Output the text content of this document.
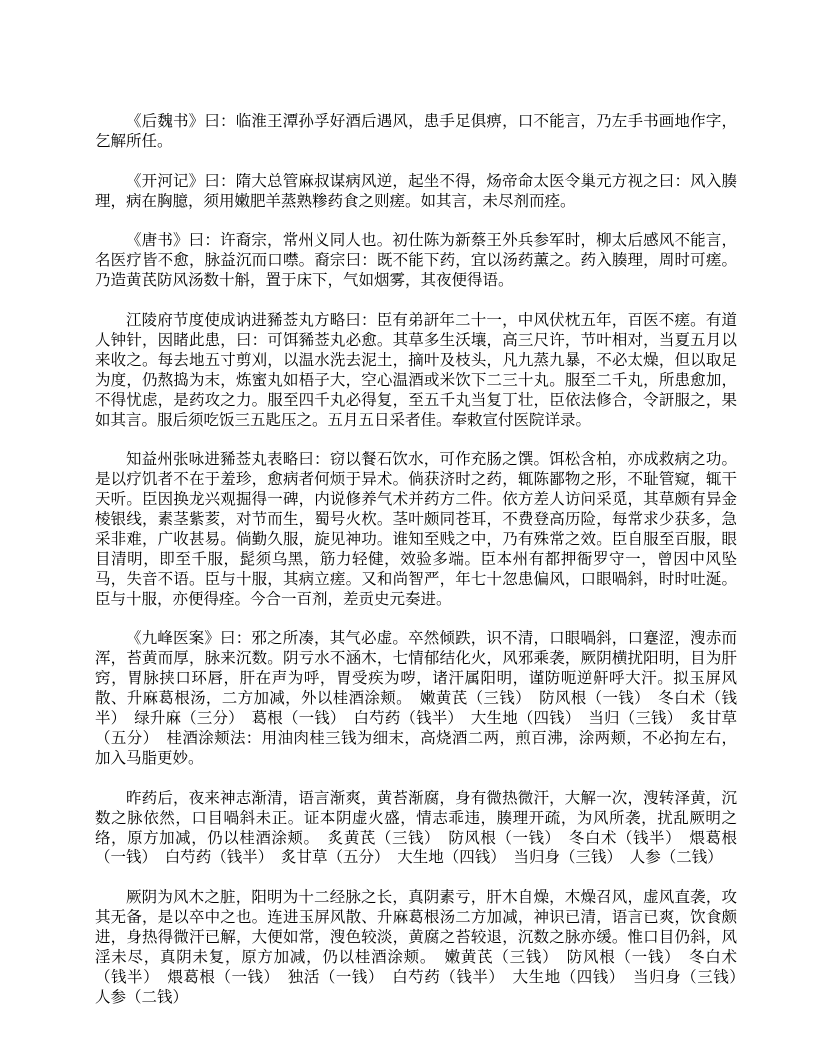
《后魏书》曰：临淮王潭孙孚好酒后遇风，患手足俱痹，口不能言，乃左手书画地作字，乞解所任。

《开河记》曰：隋大总管麻叔谋病风逆，起坐不得，炀帝命太医令巢元方视之曰：风入腠理，病在胸臆，须用嫩肥羊蒸熟糁药食之则瘥。如其言，未尽剂而痊。

《唐书》曰：许裔宗，常州义同人也。初仕陈为新蔡王外兵参军时，柳太后感风不能言，名医疗皆不愈，脉益沉而口噤。裔宗曰：既不能下药，宜以汤药薰之。药入腠理，周时可瘥。乃造黄芪防风汤数十斛，置于床下，气如烟雾，其夜便得语。

江陵府节度使成讷进豨莶丸方略曰：臣有弟訮年二十一，中风伏枕五年，百医不瘥。有道人钟针，因睹此患，曰：可饵豨莶丸必愈。其草多生沃壤，高三尺许，节叶相对，当夏五月以来收之。每去地五寸剪刈，以温水洗去泥土，摘叶及枝头，凡九蒸九暴，不必太燥，但以取足为度，仍熬捣为末，炼蜜丸如梧子大，空心温酒或米饮下二三十丸。服至二千丸，所患愈加，不得忧虑，是药攻之力。服至四千丸必得复，至五千丸当复丁壮，臣依法修合，令訮服之，果如其言。服后须吃饭三五匙压之。五月五日采者佳。奉敕宣付医院详录。

知益州张咏进豨莶丸表略曰：窃以餐石饮水，可作充肠之馔。饵松含柏，亦成救病之功。是以疗饥者不在于羞珍，愈病者何烦于异术。倘获济时之药，辄陈鄙物之形，不耻管窥，辄干天听。臣因换龙兴观掘得一碑，内说修养气术并药方二件。依方差人访问采觅，其草颇有异金棱银线，素茎紫荄，对节而生，蜀号火杴。茎叶颇同苍耳，不费登高历险，每常求少获多，急采非难，广收甚易。倘勤久服，旋见神功。谁知至贱之中，乃有殊常之效。臣自服至百服，眼目清明，即至千服，髭须乌黑，筋力轻健，效验多端。臣本州有都押衙罗守一，曾因中风坠马，失音不语。臣与十服，其病立瘥。又和尚智严，年七十忽患偏风，口眼喎斜，时时吐涎。臣与十服，亦便得痊。今合一百剂，差贡史元奏进。

《九峰医案》曰：邪之所凑，其气必虚。卒然倾跌，识不清，口眼喎斜，口蹇涩，溲赤而浑，苔黄而厚，脉来沉数。阴亏水不涵木，七情郁结化火，风邪乘袭，厥阴横扰阳明，目为肝窍，胃脉挟口环唇，肝在声为呼，胃受疾为哕，诸汗属阳明，谨防呃逆鼾呼大汗。拟玉屏风散、升麻葛根汤，二方加减，外以桂酒涂颊。　嫩黄芪（三钱）　防风根（一钱）　冬白术（钱半）　绿升麻（三分）　葛根（一钱）　白芍药（钱半）　大生地（四钱）　当归（三钱）　炙甘草（五分）　桂酒涂颊法：用油肉桂三钱为细末，高烧酒二两，煎百沸，涂两颊，不必拘左右，加入马脂更妙。

昨药后，夜来神志渐清，语言渐爽，黄苔渐腐，身有微热微汗，大解一次，溲转泽黄，沉数之脉依然，口目喎斜未正。证本阴虚火盛，情志乖违，腠理开疏，为风所袭，扰乱厥明之络，原方加减，仍以桂酒涂颊。　炙黄芪（三钱）　防风根（一钱）　冬白术（钱半）　煨葛根（一钱）　白芍药（钱半）　炙甘草（五分）　大生地（四钱）　当归身（三钱）　人参（二钱）

厥阴为风木之脏，阳明为十二经脉之长，真阴素亏，肝木自燥，木燥召风，虚风直袭，攻其无备，是以卒中之也。连进玉屏风散、升麻葛根汤二方加减，神识已清，语言已爽，饮食颇进，身热得微汗已解，大便如常，溲色较淡，黄腐之苔较退，沉数之脉亦缓。惟口目仍斜，风淫未尽，真阴未复，原方加减，仍以桂酒涂颊。　嫩黄芪（三钱）　防风根（一钱）　冬白术（钱半）　煨葛根（一钱）　独活（一钱）　白芍药（钱半）　大生地（四钱）　当归身（三钱）　人参（二钱）
